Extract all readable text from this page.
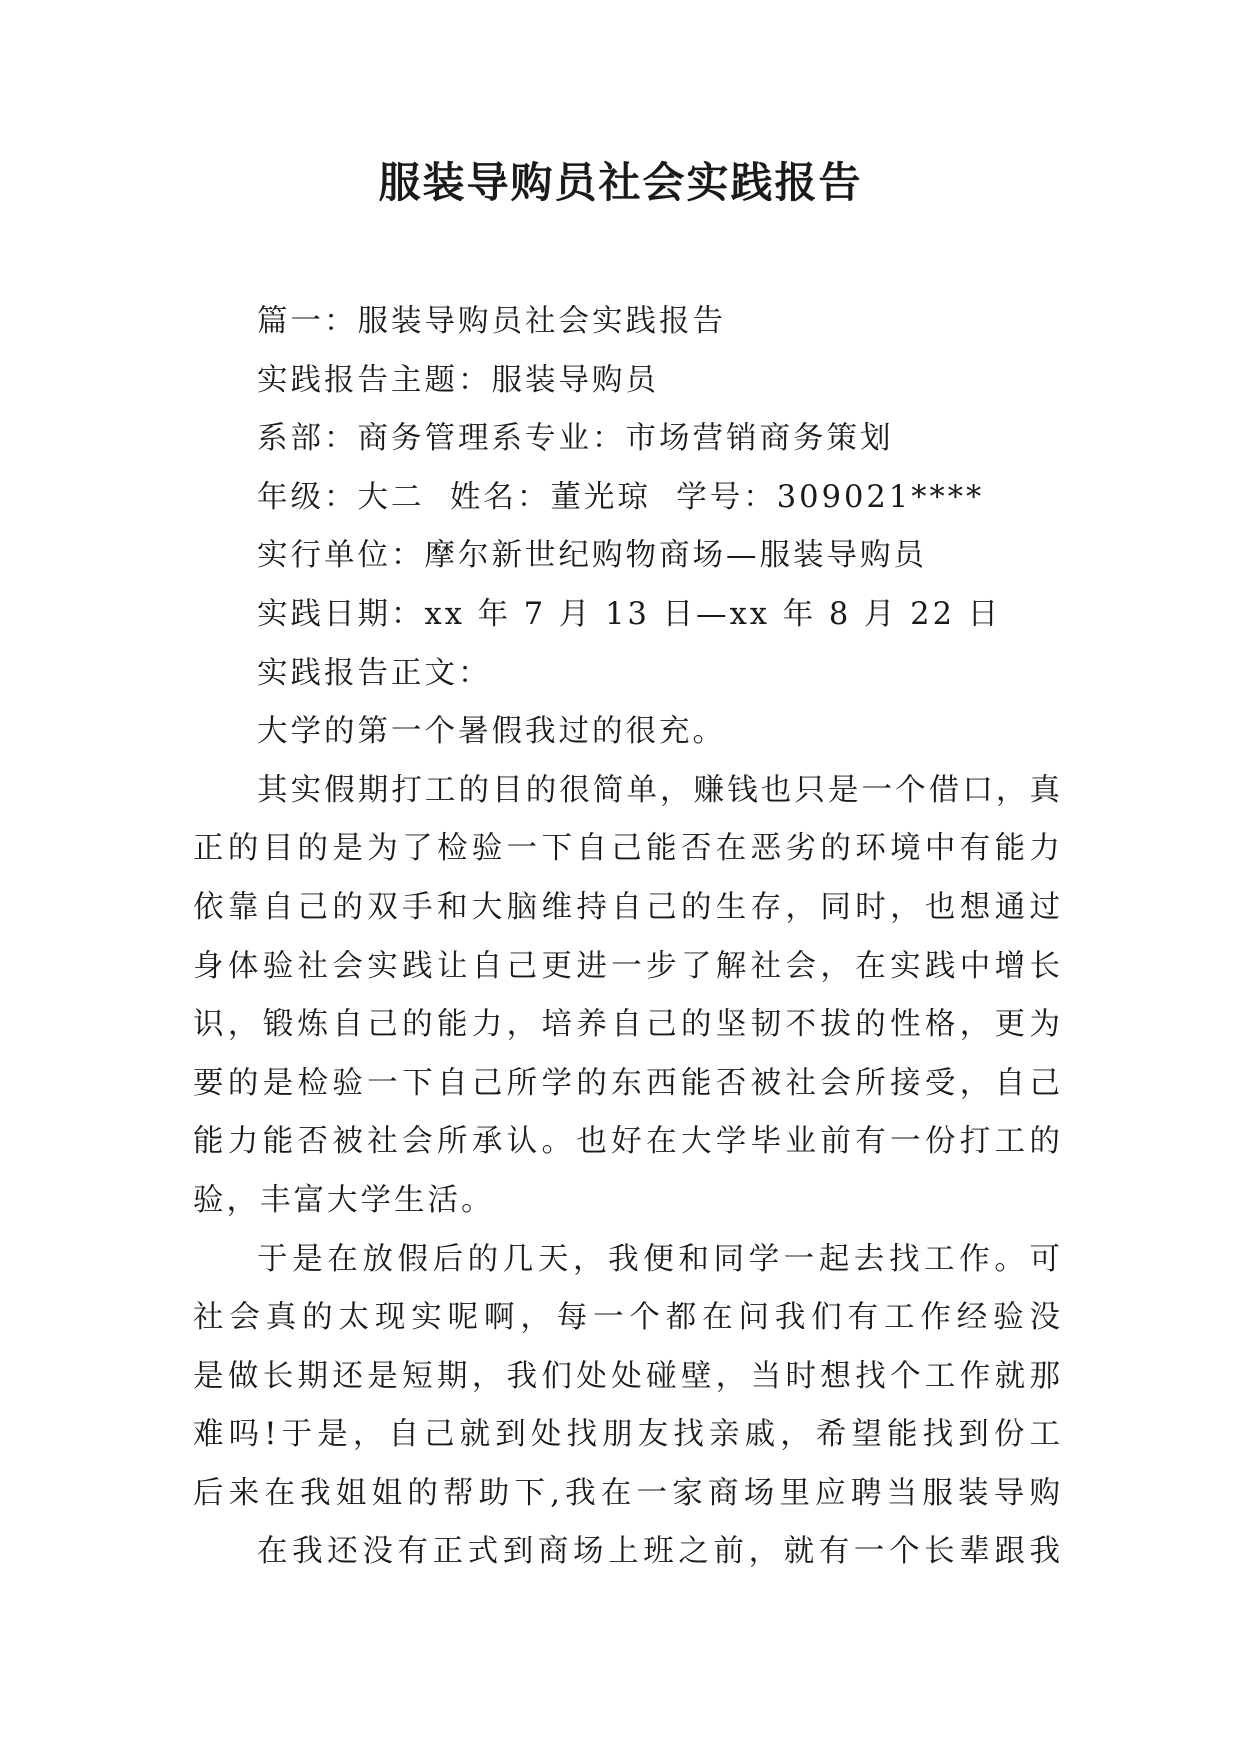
服装导购员社会实践报告
篇一：服装导购员社会实践报告
实践报告主题：服装导购员
系部：商务管理系专业：市场营销商务策划
年级：大二  姓名：董光琼  学号：309021****
实行单位：摩尔新世纪购物商场—服装导购员
实践日期：xx 年 7 月 13 日—xx 年 8 月 22 日
实践报告正文：
大学的第一个暑假我过的很充。
其实假期打工的目的很简单，赚钱也只是一个借口，真
正的目的是为了检验一下自己能否在恶劣的环境中有能力
依靠自己的双手和大脑维持自己的生存，同时，也想通过
身体验社会实践让自己更进一步了解社会，在实践中增长
识，锻炼自己的能力，培养自己的坚韧不拔的性格，更为
要的是检验一下自己所学的东西能否被社会所接受，自己
能力能否被社会所承认。也好在大学毕业前有一份打工的
验，丰富大学生活。
于是在放假后的几天，我便和同学一起去找工作。可
社会真的太现实呢啊，每一个都在问我们有工作经验没
是做长期还是短期，我们处处碰壁，当时想找个工作就那
难吗!于是，自己就到处找朋友找亲戚，希望能找到份工
后来在我姐姐的帮助下,我在一家商场里应聘当服装导购
在我还没有正式到商场上班之前，就有一个长辈跟我
